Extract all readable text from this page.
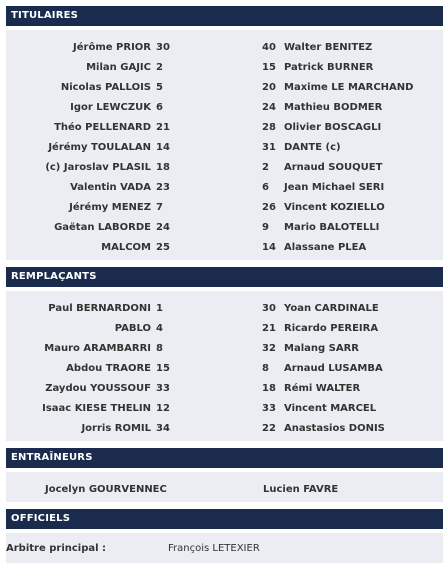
TITULAIRES
Jérôme PRIOR 30	40 Walter BENITEZ
Milan GAJIC 2	15 Patrick BURNER
Nicolas PALLOIS 5	20 Maxime LE MARCHAND
Igor LEWCZUK 6	24 Mathieu BODMER
Théo PELLENARD 21	28 Olivier BOSCAGLI
Jérémy TOULALAN 14	31 DANTE (c)
(c) Jaroslav PLASIL 18	2	Arnaud SOUQUET
Valentin VADA 23	6	Jean Michael SERI
Jérémy MENEZ 7	26 Vincent KOZIELLO
Gaëtan LABORDE 24	9	Mario BALOTELLI
MALCOM 25	14 Alassane PLEA
REMPLAÇANTS
Paul BERNARDONI 1	30 Yoan CARDINALE
PABLO 4	21 Ricardo PEREIRA
Mauro ARAMBARRI 8	32 Malang SARR
Abdou TRAORE 15	8	Arnaud LUSAMBA
Zaydou YOUSSOUF 33	18 Rémi WALTER
Isaac KIESE THELIN 12	33 Vincent MARCEL
Jorris ROMIL 34	22 Anastasios DONIS
ENTRAÎNEURS
Jocelyn GOURVENNEC	Lucien FAVRE
OFFICIELS
Arbitre principal :	François LETEXIER
